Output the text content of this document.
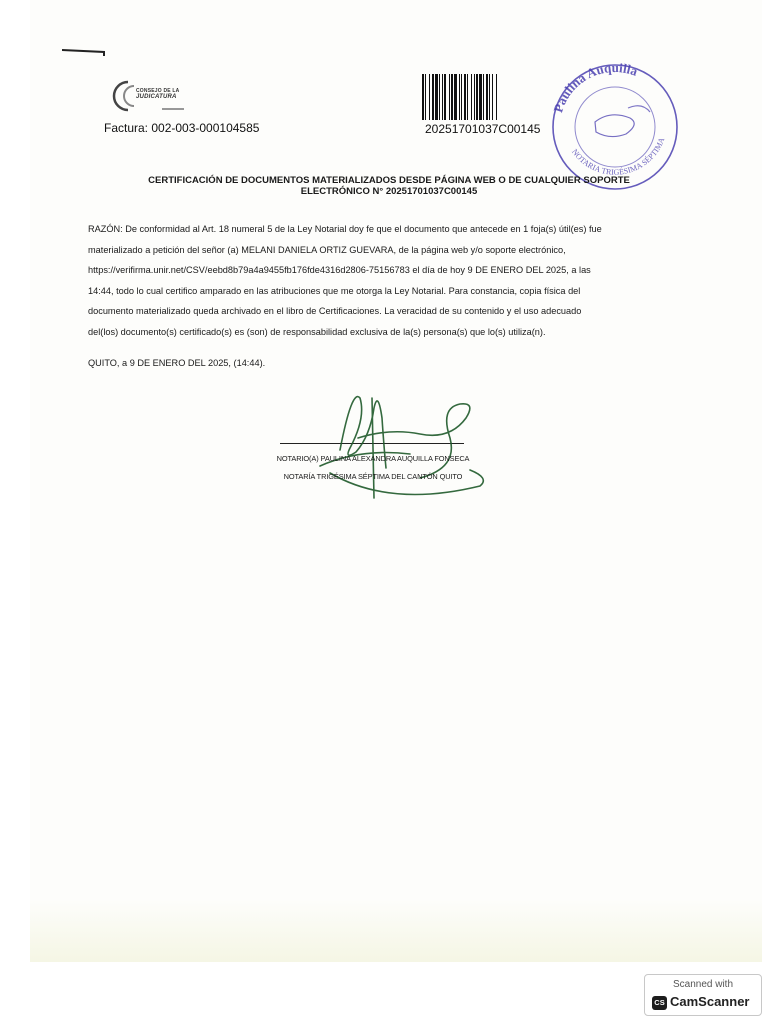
CONSEJO DE LA
JUDICATURA
Factura: 002-003-000104585	20251701037C00145
Paulina Auquilla
NOTARIA TRIGÉSIMA SÉPTIMA
CERTIFICACIÓN DE DOCUMENTOS MATERIALIZADOS DESDE PÁGINA WEB O DE CUALQUIER SOPORTE
ELECTRÓNICO N° 20251701037C00145

RAZÓN: De conformidad al Art. 18 numeral 5 de la Ley Notarial doy fe que el documento que antecede en 1 foja(s) útil(es) fue

materializado a petición del señor (a) MELANI DANIELA ORTIZ GUEVARA, de la página web y/o soporte electrónico,

https://verifirma.unir.net/CSV/eebd8b79a4a9455fb176fde4316d2806-75156783 el día de hoy 9 DE ENERO DEL 2025, a las

14:44, todo lo cual certifico amparado en las atribuciones que me otorga la Ley Notarial. Para constancia, copia física del

documento materializado queda archivado en el libro de Certificaciones. La veracidad de su contenido y el uso adecuado

del(los) documento(s) certificado(s) es (son) de responsabilidad exclusiva de la(s) persona(s) que lo(s) utiliza(n).

QUITO, a 9 DE ENERO DEL 2025, (14:44).
NOTARIO(A) PAULINA ALEXANDRA AUQUILLA FONSECA
NOTARÍA TRIGÉSIMA SÉPTIMA DEL CANTÓN QUITO
Scanned with
CS CamScanner
